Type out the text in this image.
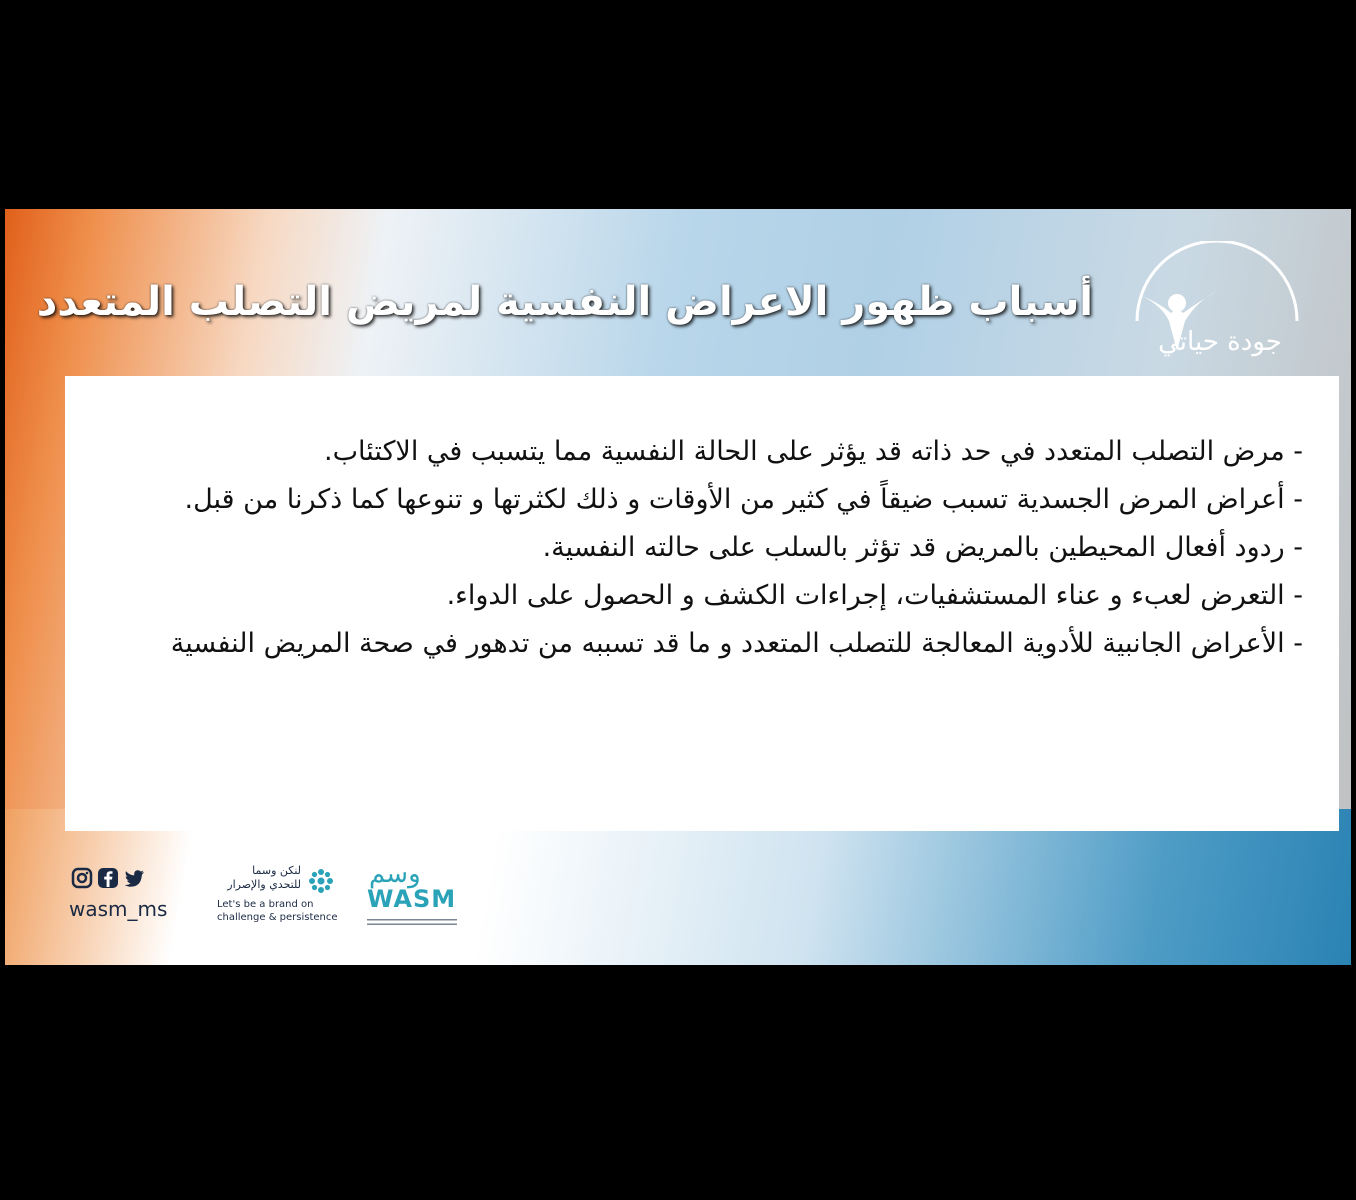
أسباب ظهور الاعراض النفسية لمريض التصلب المتعدد
جودة حياتي

- مرض التصلب المتعدد في حد ذاته قد يؤثر على الحالة النفسية مما يتسبب في الاكتئاب.

- أعراض المرض الجسدية تسبب ضيقاً في كثير من الأوقات و ذلك لكثرتها و تنوعها كما ذكرنا من قبل.

- ردود أفعال المحيطين بالمريض قد تؤثر بالسلب على حالته النفسية.

- التعرض لعبء و عناء المستشفيات، إجراءات الكشف و الحصول على الدواء.

- الأعراض الجانبية للأدوية المعالجة للتصلب المتعدد و ما قد تسببه من تدهور في صحة المريض النفسية

wasm_ms
لنكن وسما
للتحدي والإصرار
Let's be a brand on
challenge & persistence
وسم
WASM
